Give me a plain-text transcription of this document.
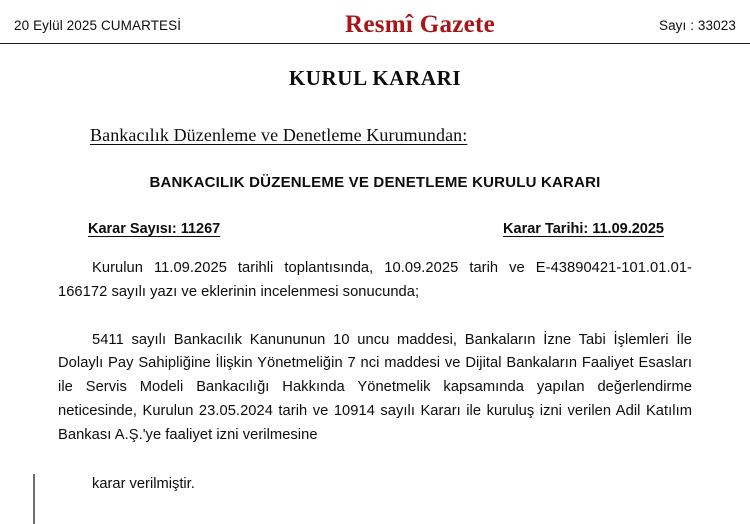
20 Eylül 2025 CUMARTESİ	Resmî Gazete	Sayı : 33023
KURUL KARARI
Bankacılık Düzenleme ve Denetleme Kurumundan:
BANKACILIK DÜZENLEME VE DENETLEME KURULU KARARI
Karar Sayısı: 11267	Karar Tarihi: 11.09.2025

Kurulun 11.09.2025 tarihli toplantısında, 10.09.2025 tarih ve E-43890421-101.01.01-166172 sayılı yazı ve eklerinin incelenmesi sonucunda;

5411 sayılı Bankacılık Kanununun 10 uncu maddesi, Bankaların İzne Tabi İşlemleri İle Dolaylı Pay Sahipliğine İlişkin Yönetmeliğin 7 nci maddesi ve Dijital Bankaların Faaliyet Esasları ile Servis Modeli Bankacılığı Hakkında Yönetmelik kapsamında yapılan değerlendirme neticesinde, Kurulun 23.05.2024 tarih ve 10914 sayılı Kararı ile kuruluş izni verilen Adil Katılım Bankası A.Ş.'ye faaliyet izni verilmesine

karar verilmiştir.
